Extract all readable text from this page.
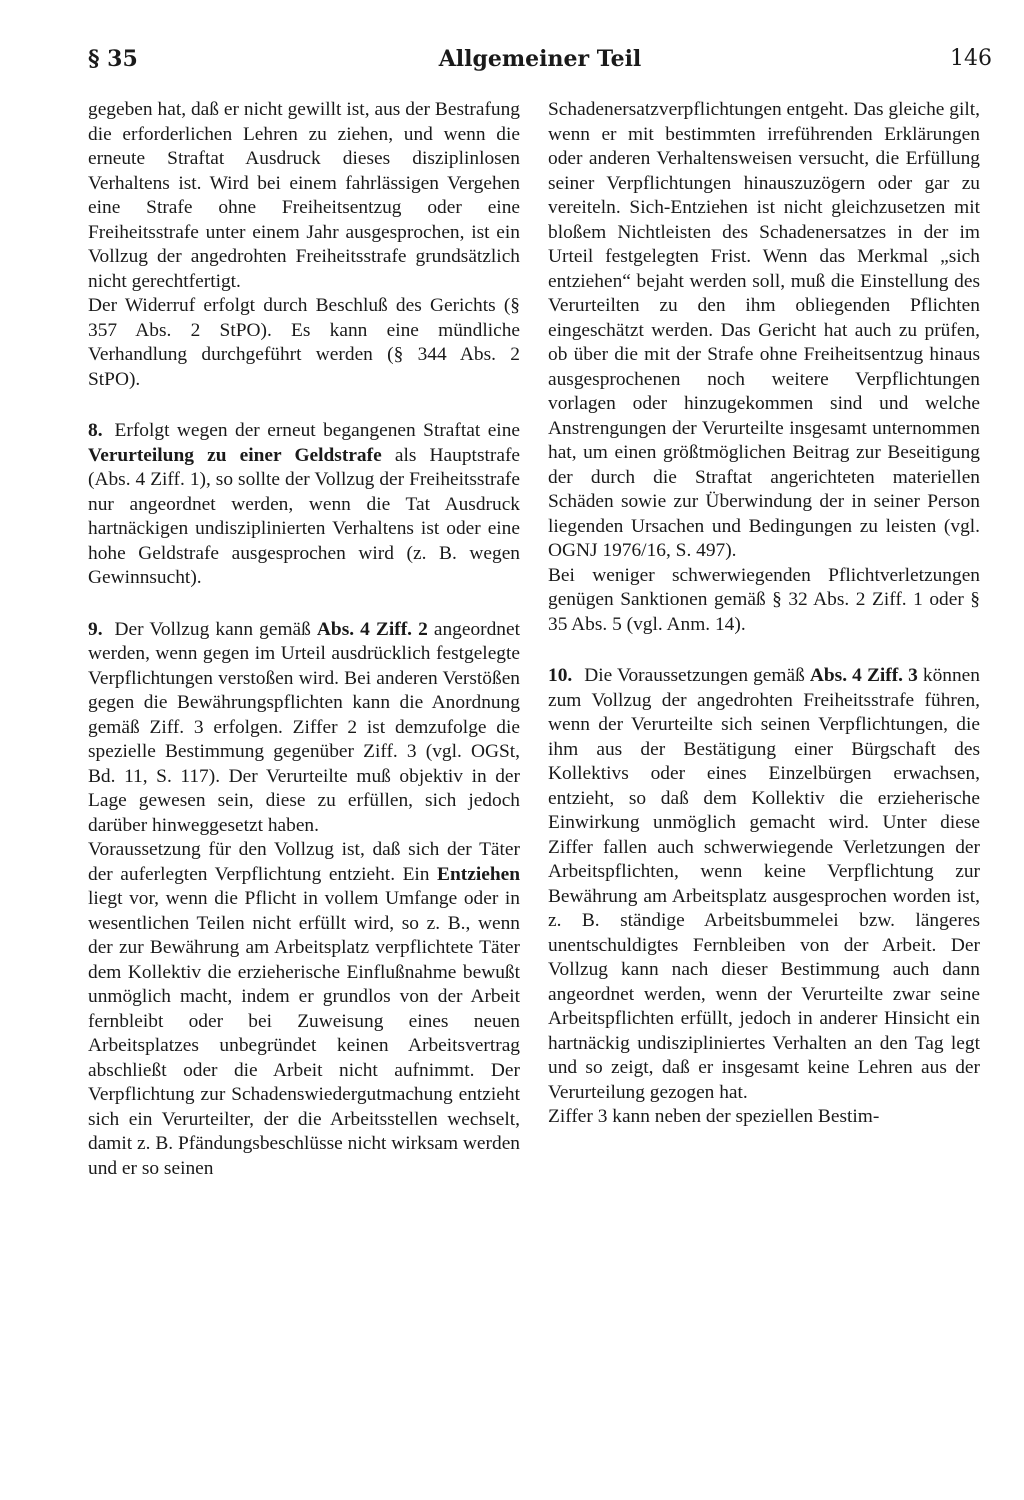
§ 35	Allgemeiner Teil	146

gegeben hat, daß er nicht gewillt ist, aus der Bestrafung die erforderlichen Lehren zu ziehen, und wenn die erneute Straftat Ausdruck dieses disziplinlosen Verhaltens ist. Wird bei einem fahrlässigen Vergehen eine Strafe ohne Freiheitsentzug oder eine Freiheitsstrafe unter einem Jahr ausgesprochen, ist ein Vollzug der angedrohten Freiheitsstrafe grundsätzlich nicht gerechtfertigt.

Der Widerruf erfolgt durch Beschluß des Gerichts (§ 357 Abs. 2 StPO). Es kann eine mündliche Verhandlung durchgeführt werden (§ 344 Abs. 2 StPO).

8. Erfolgt wegen der erneut begangenen Straftat eine Verurteilung zu einer Geldstrafe als Hauptstrafe (Abs. 4 Ziff. 1), so sollte der Vollzug der Freiheitsstrafe nur angeordnet werden, wenn die Tat Ausdruck hartnäckigen undisziplinierten Verhaltens ist oder eine hohe Geldstrafe ausgesprochen wird (z. B. wegen Gewinnsucht).

9. Der Vollzug kann gemäß Abs. 4 Ziff. 2 angeordnet werden, wenn gegen im Urteil ausdrücklich festgelegte Verpflichtungen verstoßen wird. Bei anderen Verstößen gegen die Bewährungspflichten kann die Anordnung gemäß Ziff. 3 erfolgen. Ziffer 2 ist demzufolge die spezielle Bestimmung gegenüber Ziff. 3 (vgl. OGSt, Bd. 11, S. 117). Der Verurteilte muß objektiv in der Lage gewesen sein, diese zu erfüllen, sich jedoch darüber hinweggesetzt haben.

Voraussetzung für den Vollzug ist, daß sich der Täter der auferlegten Verpflichtung entzieht. Ein Entziehen liegt vor, wenn die Pflicht in vollem Umfange oder in wesentlichen Teilen nicht erfüllt wird, so z. B., wenn der zur Bewährung am Arbeitsplatz verpflichtete Täter dem Kollektiv die erzieherische Einflußnahme bewußt unmöglich macht, indem er grundlos von der Arbeit fernbleibt oder bei Zuweisung eines neuen Arbeitsplatzes unbegründet keinen Arbeitsvertrag abschließt oder die Arbeit nicht aufnimmt. Der Verpflichtung zur Schadenswiedergutmachung entzieht sich ein Verurteilter, der die Arbeitsstellen wechselt, damit z. B. Pfändungsbeschlüsse nicht wirksam werden und er so seinen

Schadenersatzverpflichtungen entgeht. Das gleiche gilt, wenn er mit bestimmten irreführenden Erklärungen oder anderen Verhaltensweisen versucht, die Erfüllung seiner Verpflichtungen hinauszuzögern oder gar zu vereiteln. Sich-Entziehen ist nicht gleichzusetzen mit bloßem Nichtleisten des Schadenersatzes in der im Urteil festgelegten Frist. Wenn das Merkmal „sich entziehen“ bejaht werden soll, muß die Einstellung des Verurteilten zu den ihm obliegenden Pflichten eingeschätzt werden. Das Gericht hat auch zu prüfen, ob über die mit der Strafe ohne Freiheitsentzug hinaus ausgesprochenen noch weitere Verpflichtungen vorlagen oder hinzugekommen sind und welche Anstrengungen der Verurteilte insgesamt unternommen hat, um einen größtmöglichen Beitrag zur Beseitigung der durch die Straftat angerichteten materiellen Schäden sowie zur Überwindung der in seiner Person liegenden Ursachen und Bedingungen zu leisten (vgl. OGNJ 1976/16, S. 497).

Bei weniger schwerwiegenden Pflichtverletzungen genügen Sanktionen gemäß § 32 Abs. 2 Ziff. 1 oder § 35 Abs. 5 (vgl. Anm. 14).

10. Die Voraussetzungen gemäß Abs. 4 Ziff. 3 können zum Vollzug der angedrohten Freiheitsstrafe führen, wenn der Verurteilte sich seinen Verpflichtungen, die ihm aus der Bestätigung einer Bürgschaft des Kollektivs oder eines Einzelbürgen erwachsen, entzieht, so daß dem Kollektiv die erzieherische Einwirkung unmöglich gemacht wird. Unter diese Ziffer fallen auch schwerwiegende Verletzungen der Arbeitspflichten, wenn keine Verpflichtung zur Bewährung am Arbeitsplatz ausgesprochen worden ist, z. B. ständige Arbeitsbummelei bzw. längeres unentschuldigtes Fernbleiben von der Arbeit. Der Vollzug kann nach dieser Bestimmung auch dann angeordnet werden, wenn der Verurteilte zwar seine Arbeitspflichten erfüllt, jedoch in anderer Hinsicht ein hartnäckig undiszipliniertes Verhalten an den Tag legt und so zeigt, daß er insgesamt keine Lehren aus der Verurteilung gezogen hat.

Ziffer 3 kann neben der speziellen Bestim-
